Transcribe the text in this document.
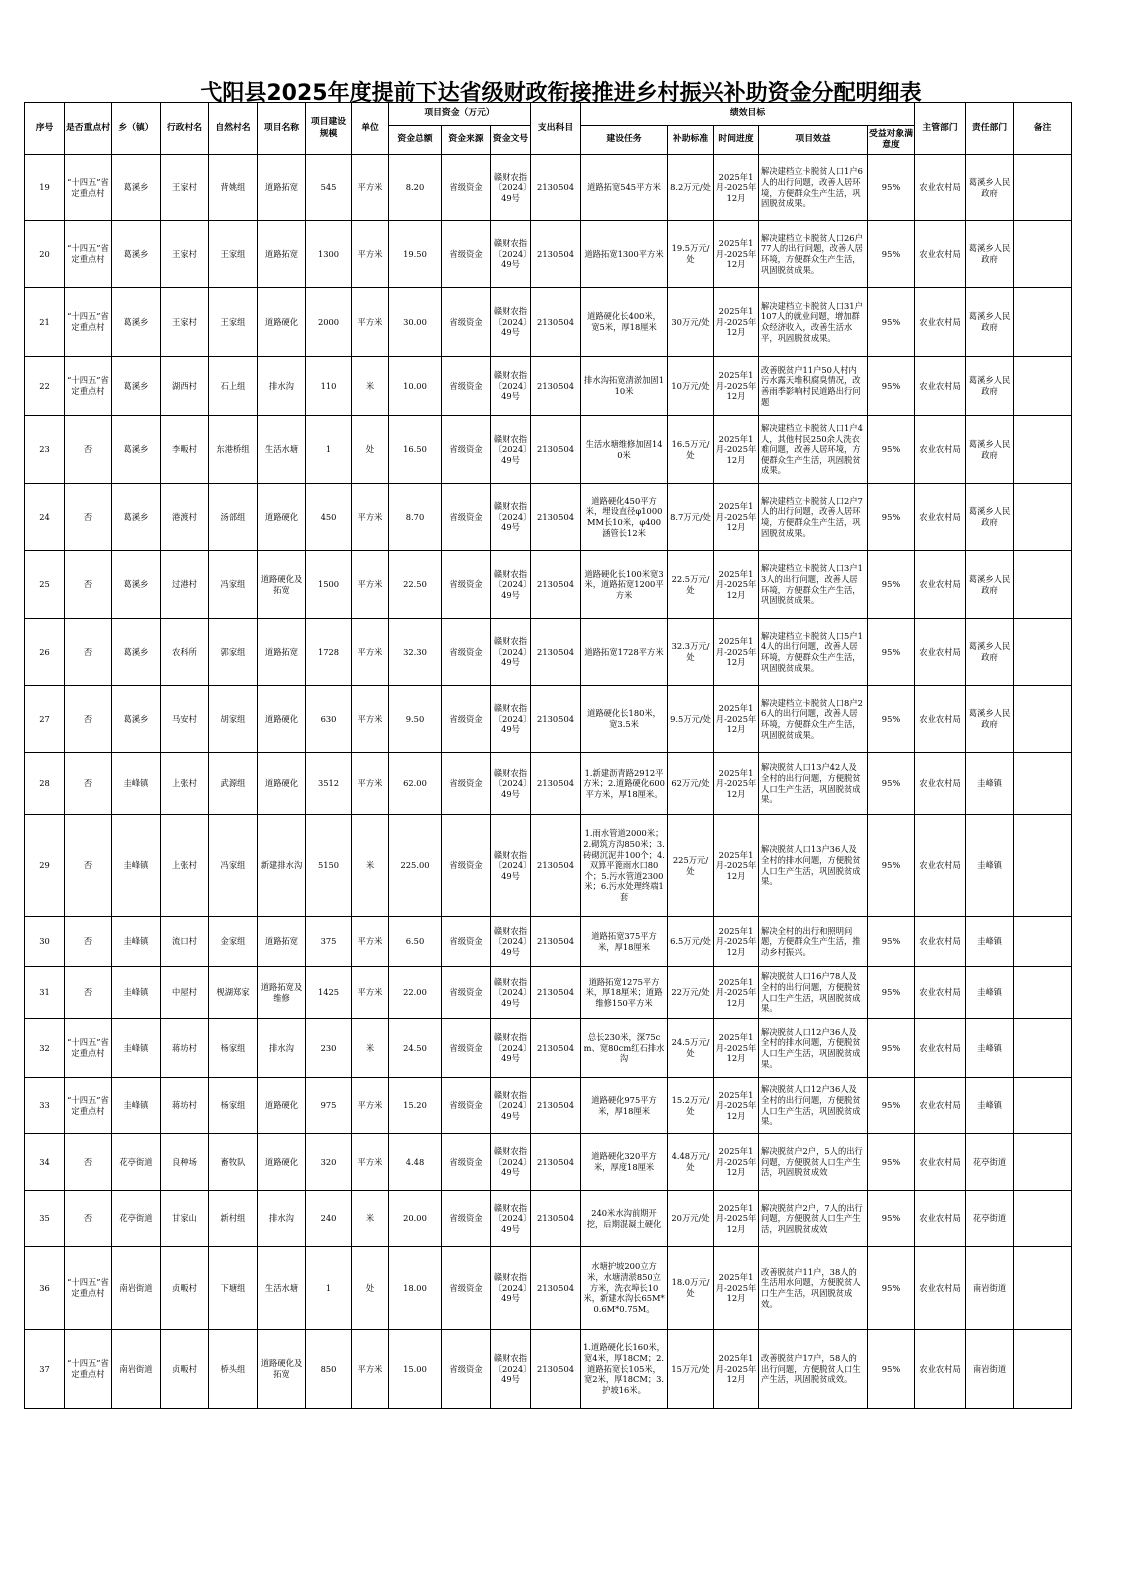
弋阳县2025年度提前下达省级财政衔接推进乡村振兴补助资金分配明细表
序号	是否重点村	乡（镇）	行政村名	自然村名	项目名称	项目建设规模	单位	项目资金（万元）			支出科目	绩效目标					主管部门	责任部门	备注
								资金总额	资金来源	资金文号		建设任务	补助标准	时间进度	项目效益	受益对象满意度			
19	“十四五”省定重点村	葛溪乡	王家村	背姚组	道路拓宽	545	平方米	8.20	省级资金	赣财农指〔2024〕49号	2130504	道路拓宽545平方米	8.2万元/处	2025年1月-2025年12月	解决建档立卡脱贫人口1户6人的出行问题，改善人居环境，方便群众生产生活，巩固脱贫成果。	95%	农业农村局	葛溪乡人民政府	
20	“十四五”省定重点村	葛溪乡	王家村	王家组	道路拓宽	1300	平方米	19.50	省级资金	赣财农指〔2024〕49号	2130504	道路拓宽1300平方米	19.5万元/处	2025年1月-2025年12月	解决建档立卡脱贫人口26户77人的出行问题，改善人居环境，方便群众生产生活，巩固脱贫成果。	95%	农业农村局	葛溪乡人民政府	
21	“十四五”省定重点村	葛溪乡	王家村	王家组	道路硬化	2000	平方米	30.00	省级资金	赣财农指〔2024〕49号	2130504	道路硬化长400米，宽5米，厚18厘米	30万元/处	2025年1月-2025年12月	解决建档立卡脱贫人口31户107人的就业问题，增加群众经济收入，改善生活水平，巩固脱贫成果。	95%	农业农村局	葛溪乡人民政府	
22	“十四五”省定重点村	葛溪乡	湖西村	石上组	排水沟	110	米	10.00	省级资金	赣财农指〔2024〕49号	2130504	排水沟拓宽清淤加固110米	10万元/处	2025年1月-2025年12月	改善脱贫户11户50人村内污水露天堆积腐臭情况，改善雨季影响村民道路出行问题	95%	农业农村局	葛溪乡人民政府	
23	否	葛溪乡	李畈村	东港桥组	生活水塘	1	处	16.50	省级资金	赣财农指〔2024〕49号	2130504	生活水塘维修加固140米	16.5万元/处	2025年1月-2025年12月	解决建档立卡脱贫人口1户4人，其他村民250余人洗衣难问题，改善人居环境，方便群众生产生活，巩固脱贫成果。	95%	农业农村局	葛溪乡人民政府	
24	否	葛溪乡	港渡村	汤部组	道路硬化	450	平方米	8.70	省级资金	赣财农指〔2024〕49号	2130504	道路硬化450平方米，埋设直径φ1000MM长10米，φ400涵管长12米	8.7万元/处	2025年1月-2025年12月	解决建档立卡脱贫人口2户7人的出行问题，改善人居环境，方便群众生产生活，巩固脱贫成果。	95%	农业农村局	葛溪乡人民政府	
25	否	葛溪乡	过港村	冯家组	道路硬化及拓宽	1500	平方米	22.50	省级资金	赣财农指〔2024〕49号	2130504	道路硬化长100米宽3米，道路拓宽1200平方米	22.5万元/处	2025年1月-2025年12月	解决建档立卡脱贫人口3户13人的出行问题，改善人居环境，方便群众生产生活，巩固脱贫成果。	95%	农业农村局	葛溪乡人民政府	
26	否	葛溪乡	农科所	郭家组	道路拓宽	1728	平方米	32.30	省级资金	赣财农指〔2024〕49号	2130504	道路拓宽1728平方米	32.3万元/处	2025年1月-2025年12月	解决建档立卡脱贫人口5户14人的出行问题，改善人居环境，方便群众生产生活，巩固脱贫成果。	95%	农业农村局	葛溪乡人民政府	
27	否	葛溪乡	马安村	胡家组	道路硬化	630	平方米	9.50	省级资金	赣财农指〔2024〕49号	2130504	道路硬化长180米，宽3.5米	9.5万元/处	2025年1月-2025年12月	解决建档立卡脱贫人口8户26人的出行问题，改善人居环境，方便群众生产生活，巩固脱贫成果。	95%	农业农村局	葛溪乡人民政府	
28	否	圭峰镇	上张村	武源组	道路硬化	3512	平方米	62.00	省级资金	赣财农指〔2024〕49号	2130504	1.新建沥青路2912平方米；2.道路硬化600平方米，厚18厘米。	62万元/处	2025年1月-2025年12月	解决脱贫人口13户42人及全村的出行问题，方便脱贫人口生产生活，巩固脱贫成果。	95%	农业农村局	圭峰镇	
29	否	圭峰镇	上张村	冯家组	新建排水沟	5150	米	225.00	省级资金	赣财农指〔2024〕49号	2130504	1.雨水管道2000米；2.砌筑方沟850米；3.砖砌沉泥井100个；4.双算平篦雨水口80个；5.污水管道2300米；6.污水处理终端1套	225万元/处	2025年1月-2025年12月	解决脱贫人口13户36人及全村的排水问题，方便脱贫人口生产生活，巩固脱贫成果。	95%	农业农村局	圭峰镇	
30	否	圭峰镇	流口村	金家组	道路拓宽	375	平方米	6.50	省级资金	赣财农指〔2024〕49号	2130504	道路拓宽375平方米，厚18厘米	6.5万元/处	2025年1月-2025年12月	解决全村的出行和照明问题，方便群众生产生活，推动乡村振兴。	95%	农业农村局	圭峰镇	
31	否	圭峰镇	中屋村	枧湖郑家	道路拓宽及维修	1425	平方米	22.00	省级资金	赣财农指〔2024〕49号	2130504	道路拓宽1275平方米，厚18厘米；道路维修150平方米	22万元/处	2025年1月-2025年12月	解决脱贫人口16户78人及全村的出行问题，方便脱贫人口生产生活，巩固脱贫成果。	95%	农业农村局	圭峰镇	
32	“十四五”省定重点村	圭峰镇	蒋坊村	杨家组	排水沟	230	米	24.50	省级资金	赣财农指〔2024〕49号	2130504	总长230米，深75cm、宽80cm红石排水沟	24.5万元/处	2025年1月-2025年12月	解决脱贫人口12户36人及全村的排水问题，方便脱贫人口生产生活，巩固脱贫成果。	95%	农业农村局	圭峰镇	
33	“十四五”省定重点村	圭峰镇	蒋坊村	杨家组	道路硬化	975	平方米	15.20	省级资金	赣财农指〔2024〕49号	2130504	道路硬化975平方米，厚18厘米	15.2万元/处	2025年1月-2025年12月	解决脱贫人口12户36人及全村的出行问题，方便脱贫人口生产生活，巩固脱贫成果。	95%	农业农村局	圭峰镇	
34	否	花亭街道	良种场	畜牧队	道路硬化	320	平方米	4.48	省级资金	赣财农指〔2024〕49号	2130504	道路硬化320平方米，厚度18厘米	4.48万元/处	2025年1月-2025年12月	解决脱贫户2户，5人的出行问题，方便脱贫人口生产生活，巩固脱贫成效	95%	农业农村局	花亭街道	
35	否	花亭街道	甘家山	新村组	排水沟	240	米	20.00	省级资金	赣财农指〔2024〕49号	2130504	240米水沟前期开挖，后期混凝土硬化	20万元/处	2025年1月-2025年12月	解决脱贫户2户，7人的出行问题，方便脱贫人口生产生活，巩固脱贫成效	95%	农业农村局	花亭街道	
36	“十四五”省定重点村	南岩街道	贞畈村	下塘组	生活水塘	1	处	18.00	省级资金	赣财农指〔2024〕49号	2130504	水塘护坡200立方米，水塘清淤850立方米，洗衣埠长10米，新建水沟长65M*0.6M*0.75M。	18.0万元/处	2025年1月-2025年12月	改善脱贫户11户，38人的生活用水问题，方便脱贫人口生产生活，巩固脱贫成效。	95%	农业农村局	南岩街道	
37	“十四五”省定重点村	南岩街道	贞畈村	桥头组	道路硬化及拓宽	850	平方米	15.00	省级资金	赣财农指〔2024〕49号	2130504	1.道路硬化长160米，宽4米，厚18CM；2.道路拓宽长105米，宽2米，厚18CM；3.护坡16米。	15万元/处	2025年1月-2025年12月	改善脱贫户17户，58人的出行问题，方便脱贫人口生产生活，巩固脱贫成效。	95%	农业农村局	南岩街道	
